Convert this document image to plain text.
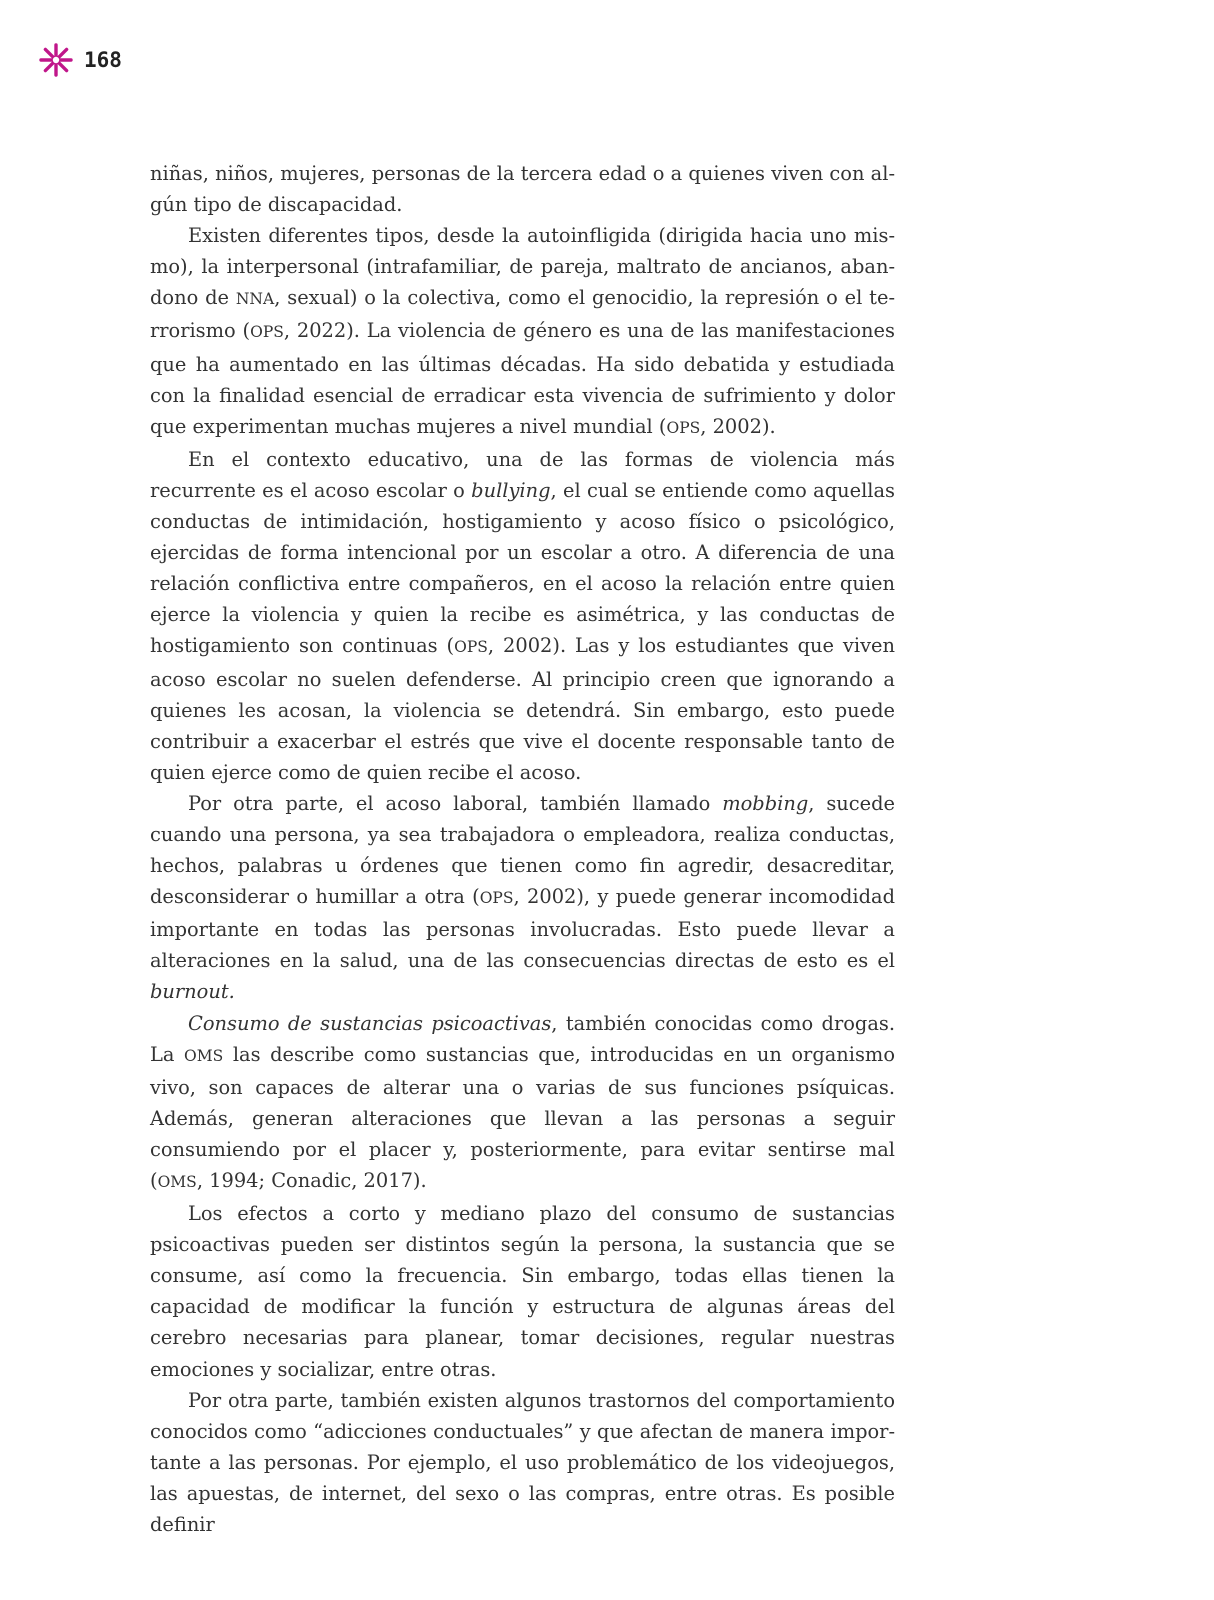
168

niñas, niños, mujeres, personas de la tercera edad o a quienes viven con algún tipo de discapacidad.

Existen diferentes tipos, desde la autoinfligida (dirigida hacia uno mismo), la interpersonal (intrafamiliar, de pareja, maltrato de ancianos, abandono de NNA, sexual) o la colectiva, como el genocidio, la represión o el terrorismo (OPS, 2022). La violencia de género es una de las manifestaciones que ha aumentado en las últimas décadas. Ha sido debatida y estudiada con la finalidad esencial de erradicar esta vivencia de sufrimiento y dolor que experimentan muchas mujeres a nivel mundial (OPS, 2002).

En el contexto educativo, una de las formas de violencia más recurrente es el acoso escolar o bullying, el cual se entiende como aquellas conductas de intimidación, hostigamiento y acoso físico o psicológico, ejercidas de forma intencional por un escolar a otro. A diferencia de una relación conflictiva entre compañeros, en el acoso la relación entre quien ejerce la violencia y quien la recibe es asimétrica, y las conductas de hostigamiento son continuas (OPS, 2002). Las y los estudiantes que viven acoso escolar no suelen defenderse. Al principio creen que ignorando a quienes les acosan, la violencia se detendrá. Sin embargo, esto puede contribuir a exacerbar el estrés que vive el docente responsable tanto de quien ejerce como de quien recibe el acoso.

Por otra parte, el acoso laboral, también llamado mobbing, sucede cuando una persona, ya sea trabajadora o empleadora, realiza conductas, hechos, palabras u órdenes que tienen como fin agredir, desacreditar, desconsiderar o humillar a otra (OPS, 2002), y puede generar incomodidad importante en todas las personas involucradas. Esto puede llevar a alteraciones en la salud, una de las consecuencias directas de esto es el burnout.

Consumo de sustancias psicoactivas, también conocidas como drogas. La OMS las describe como sustancias que, introducidas en un organismo vivo, son capaces de alterar una o varias de sus funciones psíquicas. Además, generan alteraciones que llevan a las personas a seguir consumiendo por el placer y, posteriormente, para evitar sentirse mal (OMS, 1994; Conadic, 2017).

Los efectos a corto y mediano plazo del consumo de sustancias psicoactivas pueden ser distintos según la persona, la sustancia que se consume, así como la frecuencia. Sin embargo, todas ellas tienen la capacidad de modificar la función y estructura de algunas áreas del cerebro necesarias para planear, tomar decisiones, regular nuestras emociones y socializar, entre otras.

Por otra parte, también existen algunos trastornos del comportamiento conocidos como “adicciones conductuales” y que afectan de manera importante a las personas. Por ejemplo, el uso problemático de los videojuegos, las apuestas, de internet, del sexo o las compras, entre otras. Es posible definir
